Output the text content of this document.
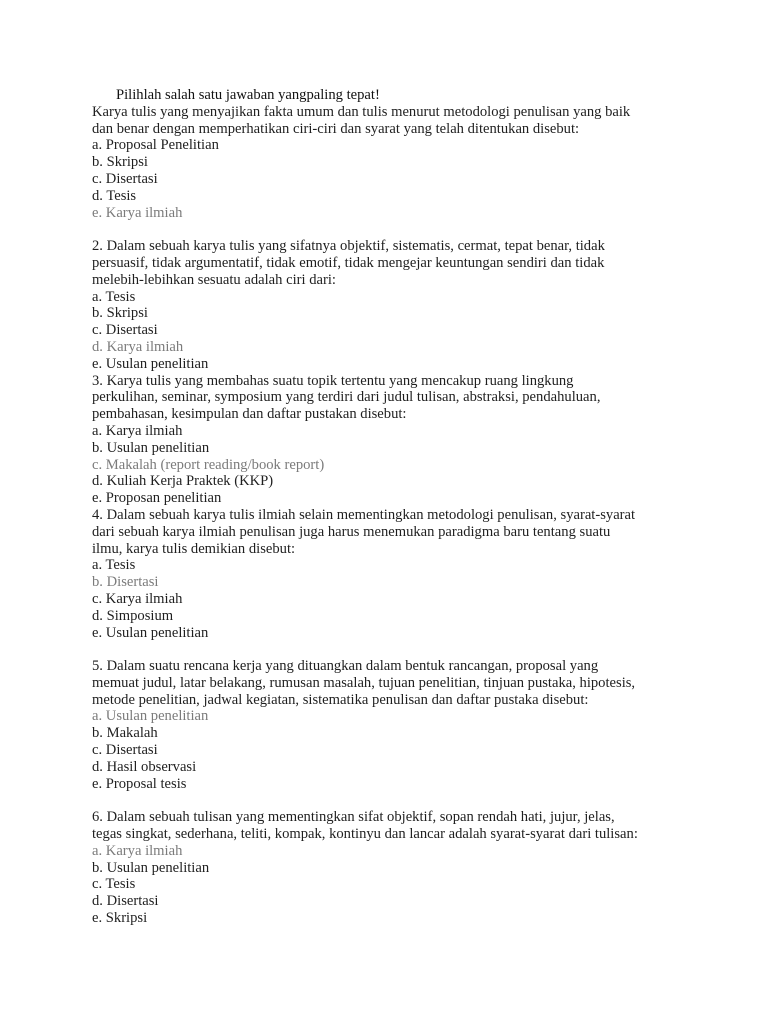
Pilihlah salah satu jawaban yangpaling tepat!

Karya tulis yang menyajikan fakta umum dan tulis menurut metodologi penulisan yang baik

dan benar dengan memperhatikan ciri-ciri dan syarat yang telah ditentukan disebut:

a. Proposal Penelitian

b. Skripsi

c. Disertasi

d. Tesis

e. Karya ilmiah

2. Dalam sebuah karya tulis yang sifatnya objektif, sistematis, cermat, tepat benar, tidak

persuasif, tidak argumentatif, tidak emotif, tidak mengejar keuntungan sendiri dan tidak

melebih-lebihkan sesuatu adalah ciri dari:

a. Tesis

b. Skripsi

c. Disertasi

d. Karya ilmiah

e. Usulan penelitian

3. Karya tulis yang membahas suatu topik tertentu yang mencakup ruang lingkung

perkulihan, seminar, symposium yang terdiri dari judul tulisan, abstraksi, pendahuluan,

pembahasan, kesimpulan dan daftar pustakan disebut:

a. Karya ilmiah

b. Usulan penelitian

c. Makalah (report reading/book report)

d. Kuliah Kerja Praktek (KKP)

e. Proposan penelitian

4. Dalam sebuah karya tulis ilmiah selain mementingkan metodologi penulisan, syarat-syarat

dari sebuah karya ilmiah penulisan juga harus menemukan paradigma baru tentang suatu

ilmu, karya tulis demikian disebut:

a. Tesis

b. Disertasi

c. Karya ilmiah

d. Simposium

e. Usulan penelitian

5. Dalam suatu rencana kerja yang dituangkan dalam bentuk rancangan, proposal yang

memuat judul, latar belakang, rumusan masalah, tujuan penelitian, tinjuan pustaka, hipotesis,

metode penelitian, jadwal kegiatan, sistematika penulisan dan daftar pustaka disebut:

a. Usulan penelitian

b. Makalah

c. Disertasi

d. Hasil observasi

e. Proposal tesis

6. Dalam sebuah tulisan yang mementingkan sifat objektif, sopan rendah hati, jujur, jelas,

tegas singkat, sederhana, teliti, kompak, kontinyu dan lancar adalah syarat-syarat dari tulisan:

a. Karya ilmiah

b. Usulan penelitian

c. Tesis

d. Disertasi

e. Skripsi
